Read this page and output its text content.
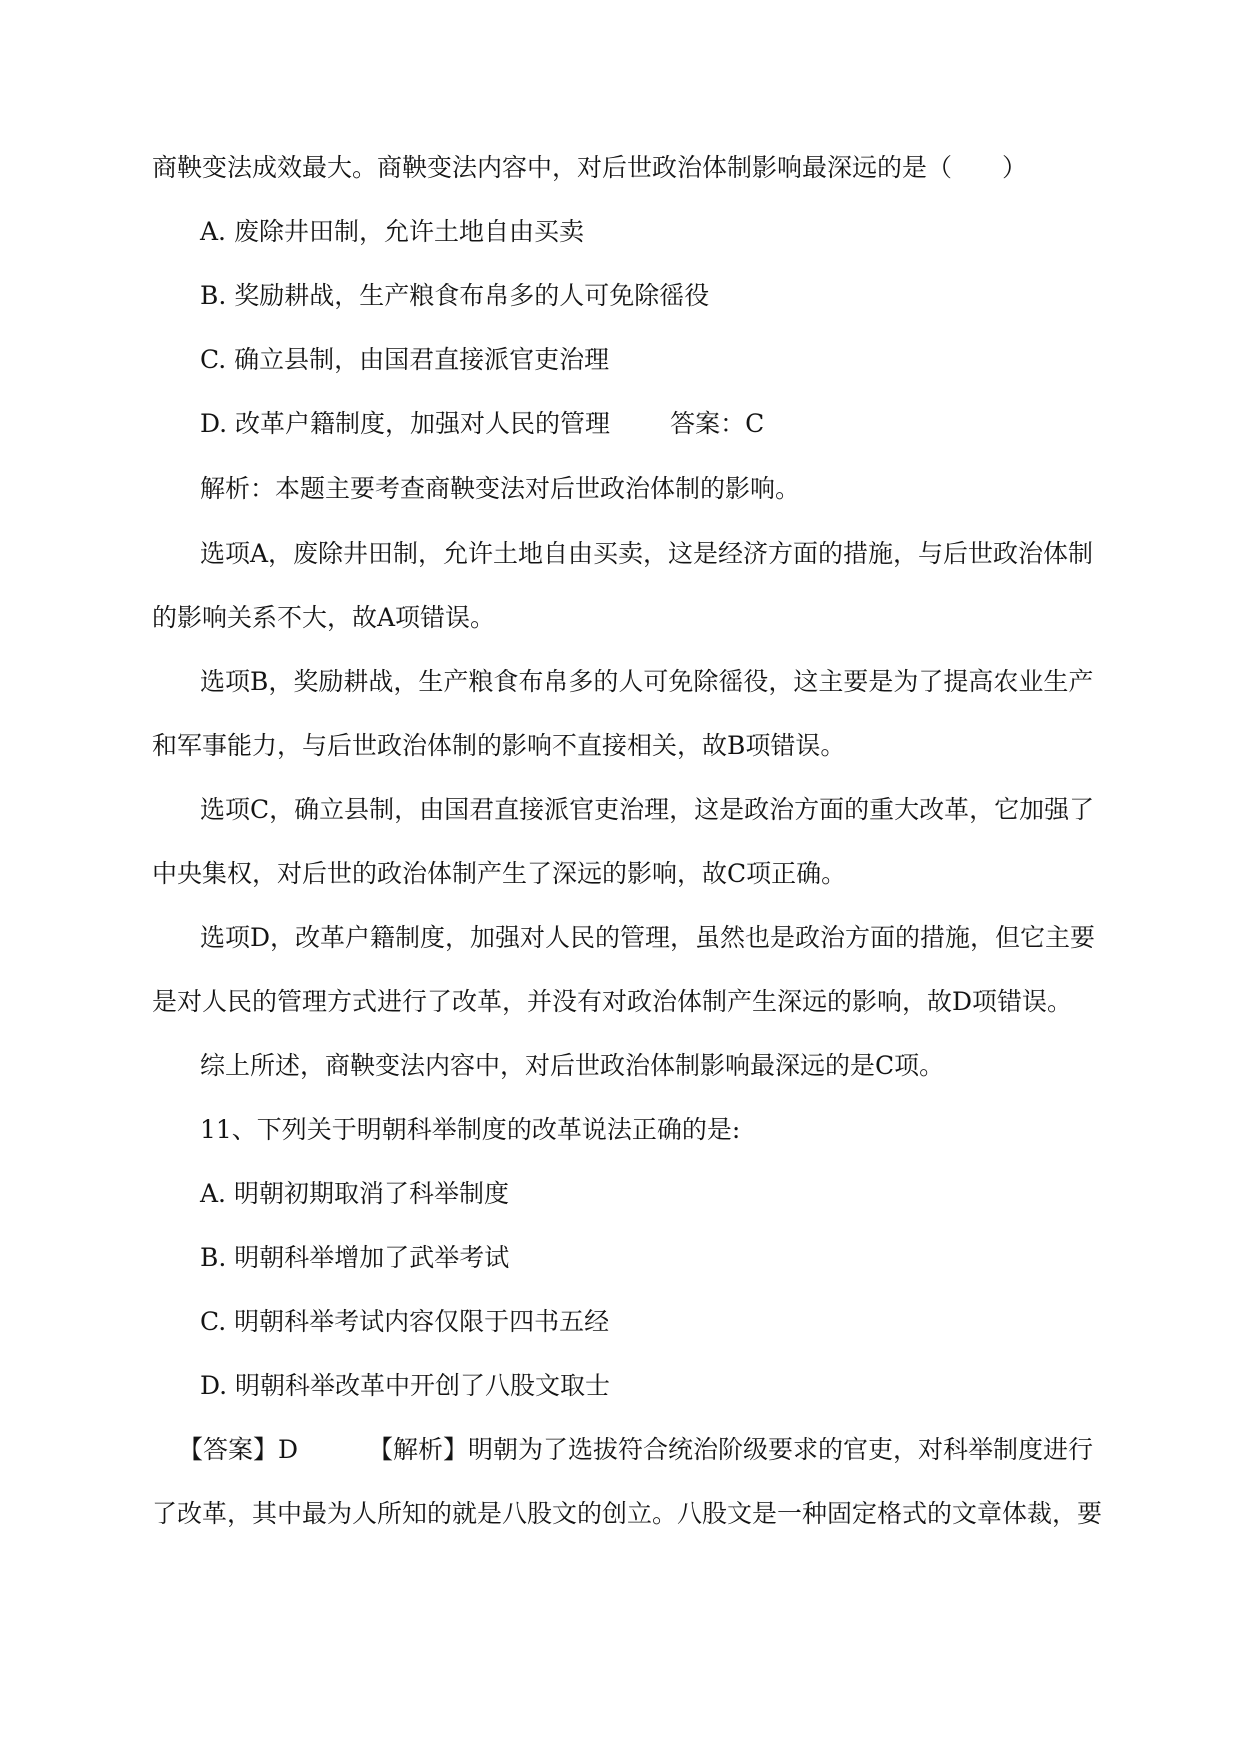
商鞅变法成效最大。商鞅变法内容中，对后世政治体制影响最深远的是（　　）
A. 废除井田制，允许土地自由买卖
B. 奖励耕战，生产粮食布帛多的人可免除徭役
C. 确立县制，由国君直接派官吏治理
D. 改革户籍制度，加强对人民的管理 答案：C
解析：本题主要考查商鞅变法对后世政治体制的影响。
选项A，废除井田制，允许土地自由买卖，这是经济方面的措施，与后世政治体制
的影响关系不大，故A项错误。
选项B，奖励耕战，生产粮食布帛多的人可免除徭役，这主要是为了提高农业生产
和军事能力，与后世政治体制的影响不直接相关，故B项错误。
选项C，确立县制，由国君直接派官吏治理，这是政治方面的重大改革，它加强了
中央集权，对后世的政治体制产生了深远的影响，故C项正确。
选项D，改革户籍制度，加强对人民的管理，虽然也是政治方面的措施，但它主要
是对人民的管理方式进行了改革，并没有对政治体制产生深远的影响，故D项错误。
综上所述，商鞅变法内容中，对后世政治体制影响最深远的是C项。
11、下列关于明朝科举制度的改革说法正确的是:
A. 明朝初期取消了科举制度
B. 明朝科举增加了武举考试
C. 明朝科举考试内容仅限于四书五经
D. 明朝科举改革中开创了八股文取士
【答案】D	【解析】明朝为了选拔符合统治阶级要求的官吏，对科举制度进行
了改革，其中最为人所知的就是八股文的创立。八股文是一种固定格式的文章体裁，要
